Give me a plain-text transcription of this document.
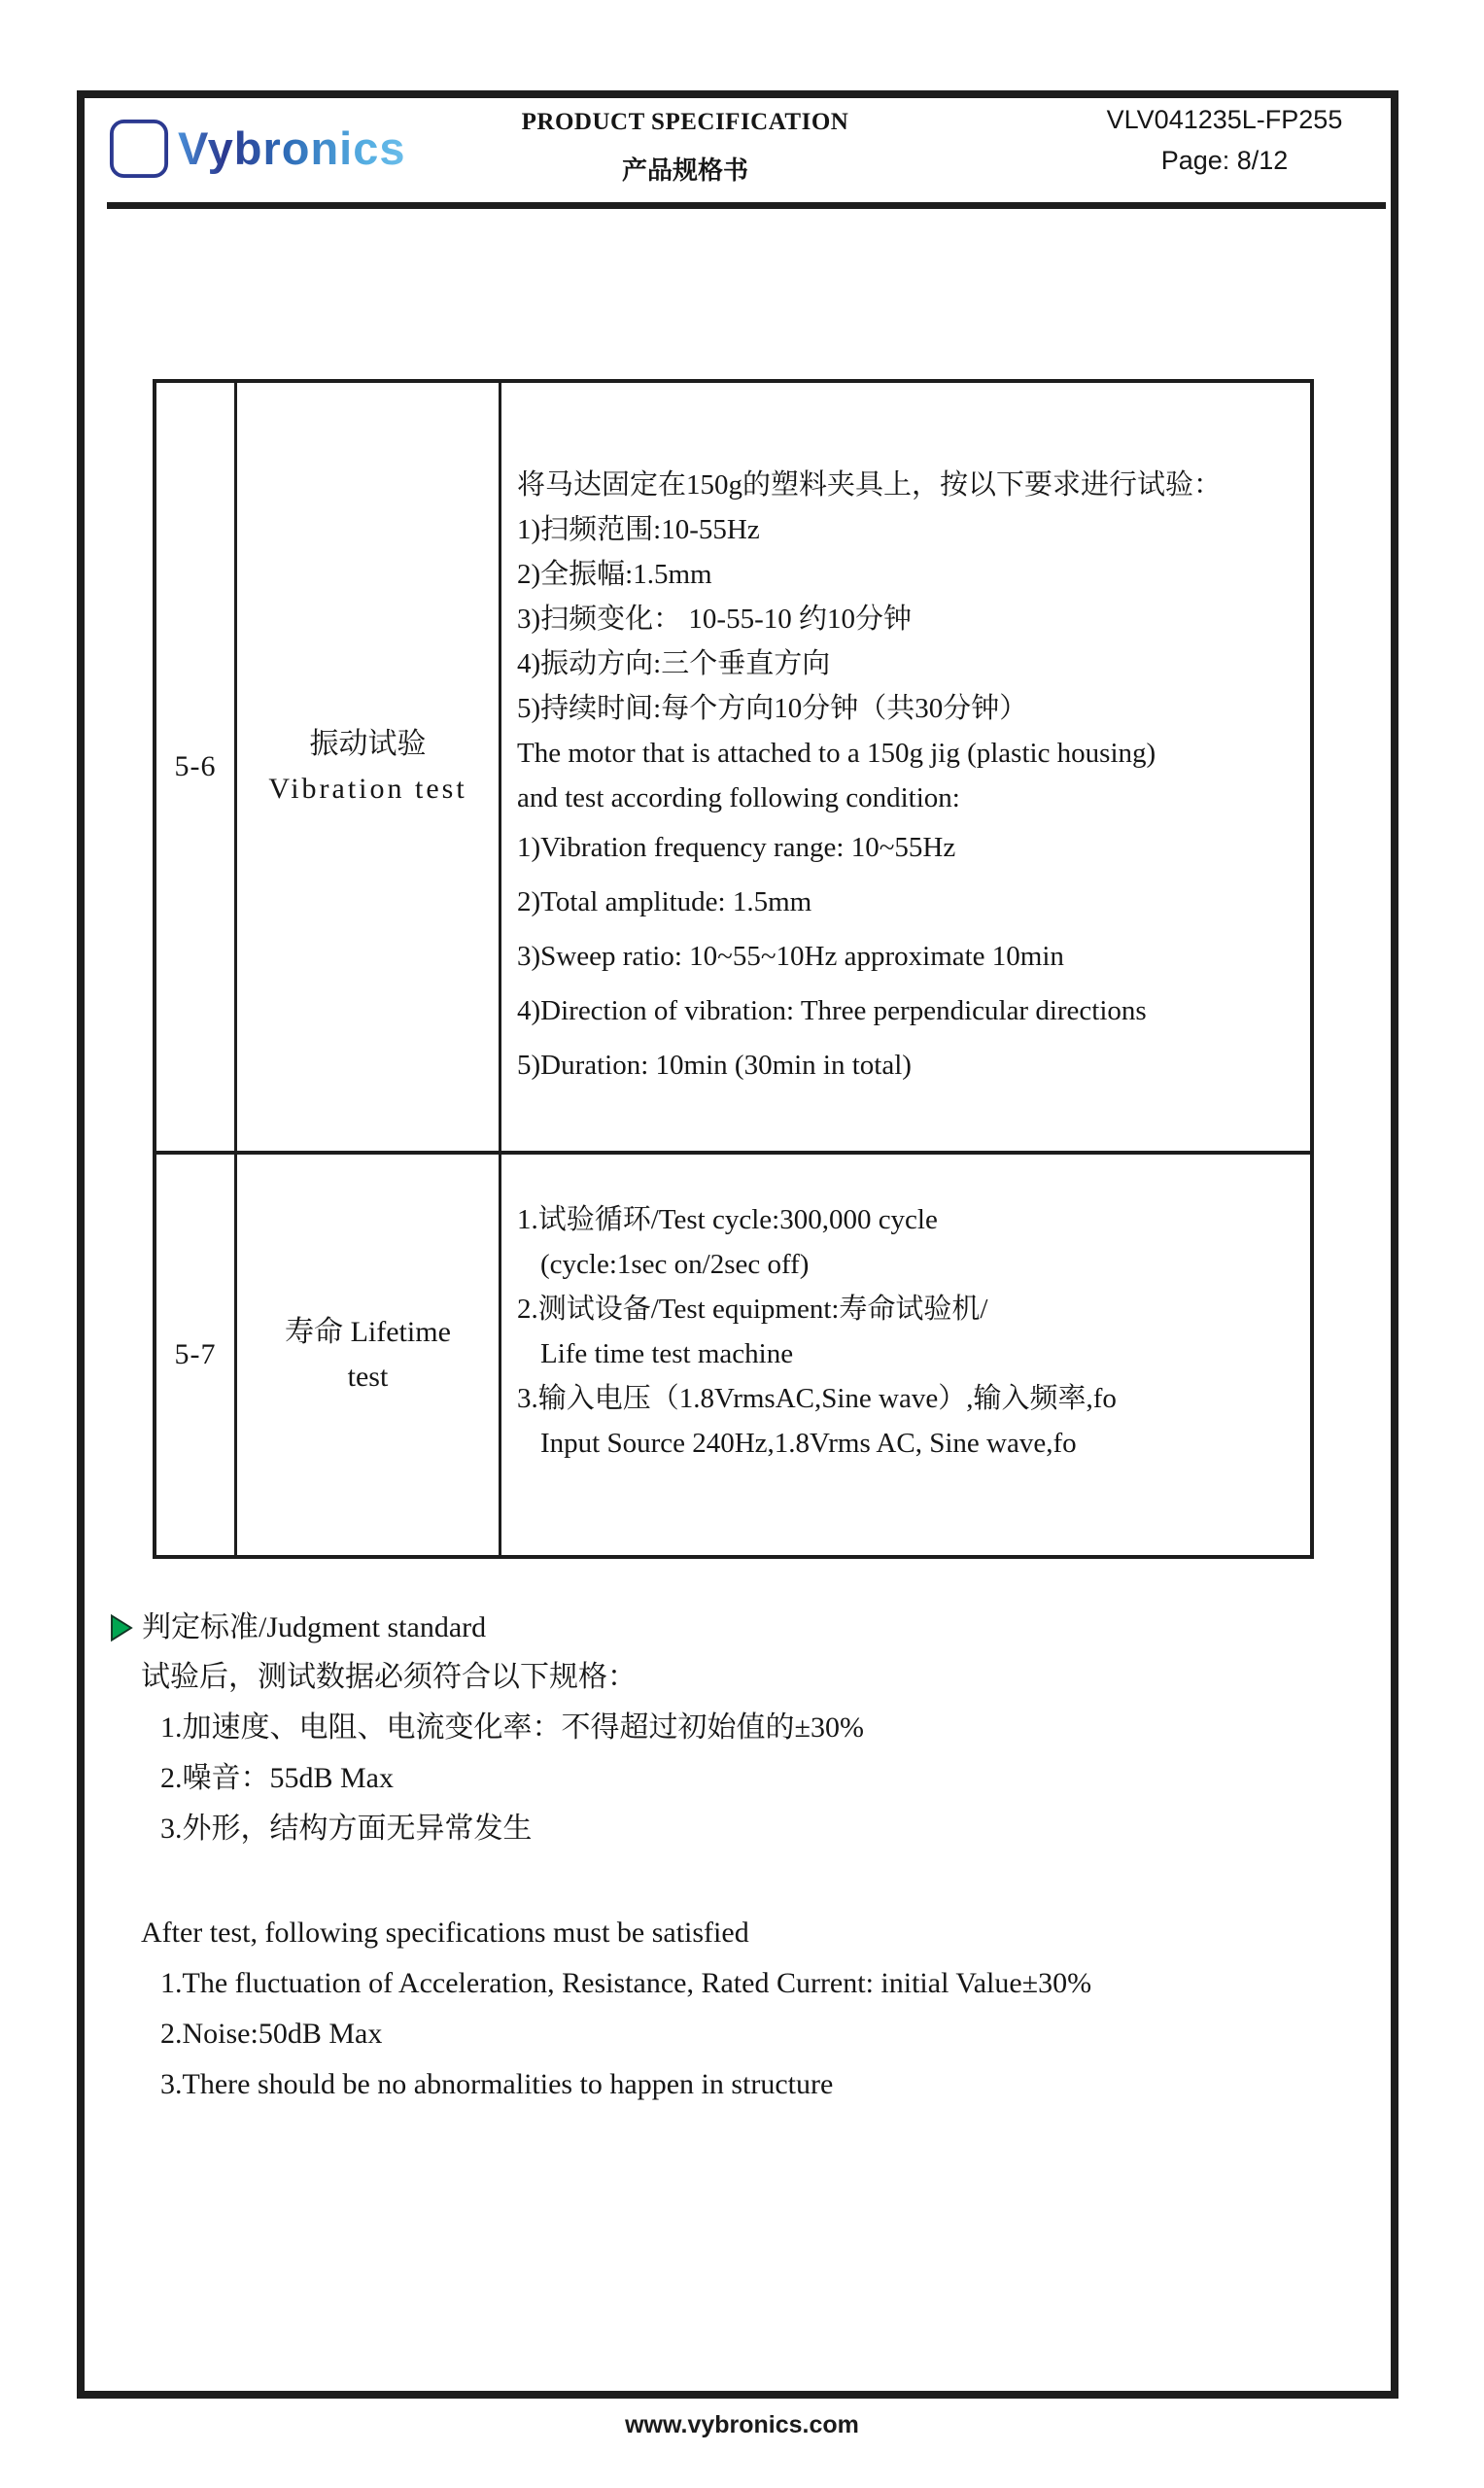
Vybronics
PRODUCT SPECIFICATION
产品规格书
VLV041235L-FP255
Page: 8/12
5-6
振动试验
Vibration test
将马达固定在150g的塑料夹具上，按以下要求进行试验：
1)扫频范围:10-55Hz
2)全振幅:1.5mm
3)扫频变化： 10-55-10 约10分钟
4)振动方向:三个垂直方向
5)持续时间:每个方向10分钟（共30分钟）
The motor that is attached to a 150g jig (plastic housing)
and test according following condition:
1)Vibration frequency range: 10~55Hz
2)Total amplitude: 1.5mm
3)Sweep ratio: 10~55~10Hz approximate 10min
4)Direction of vibration: Three perpendicular directions
5)Duration: 10min (30min in total)
5-7
寿命 Lifetime
test
1.试验循环/Test cycle:300,000 cycle
(cycle:1sec on/2sec off)
2.测试设备/Test equipment:寿命试验机/
Life time test machine
3.输入电压（1.8VrmsAC,Sine wave）,输入频率,fo
Input Source 240Hz,1.8Vrms AC, Sine wave,fo
判定标准/Judgment standard
试验后，测试数据必须符合以下规格：
1.加速度、电阻、电流变化率：不得超过初始值的±30%
2.噪音：55dB Max
3.外形，结构方面无异常发生
After test, following specifications must be satisfied
1.The fluctuation of Acceleration, Resistance, Rated Current: initial Value±30%
2.Noise:50dB Max
3.There should be no abnormalities to happen in structure
www.vybronics.com
